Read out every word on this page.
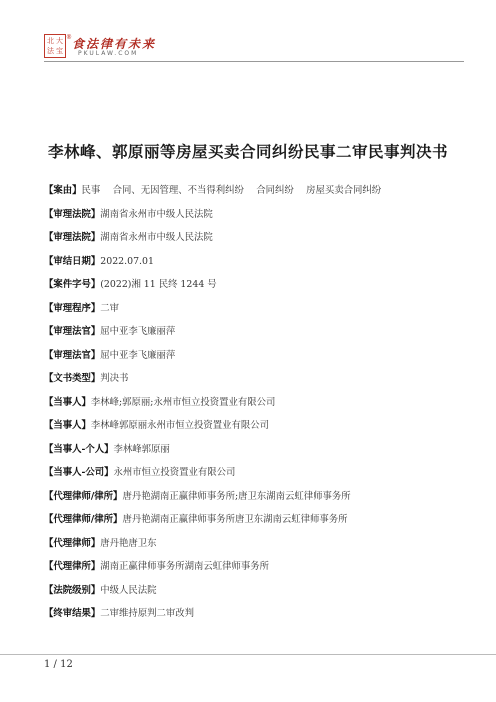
北 大
法 宝
® 食法律有未来
PKULAW.COM
李林峰、郭原丽等房屋买卖合同纠纷民事二审民事判决书
【案由】民事　 合同、无因管理、不当得利纠纷　 合同纠纷　 房屋买卖合同纠纷
【审理法院】湖南省永州市中级人民法院
【审理法院】湖南省永州市中级人民法院
【审结日期】2022.07.01
【案件字号】(2022)湘 11 民终 1244 号
【审理程序】二审
【审理法官】屈中亚李飞廉丽萍
【审理法官】屈中亚李飞廉丽萍
【文书类型】判决书
【当事人】李林峰;郭原丽;永州市恒立投资置业有限公司
【当事人】李林峰郭原丽永州市恒立投资置业有限公司
【当事人-个人】李林峰郭原丽
【当事人-公司】永州市恒立投资置业有限公司
【代理律师/律所】唐丹艳湖南正赢律师事务所;唐卫东湖南云虹律师事务所
【代理律师/律所】唐丹艳湖南正赢律师事务所唐卫东湖南云虹律师事务所
【代理律师】唐丹艳唐卫东
【代理律所】湖南正赢律师事务所湖南云虹律师事务所
【法院级别】中级人民法院
【终审结果】二审维持原判二审改判
1 / 12
